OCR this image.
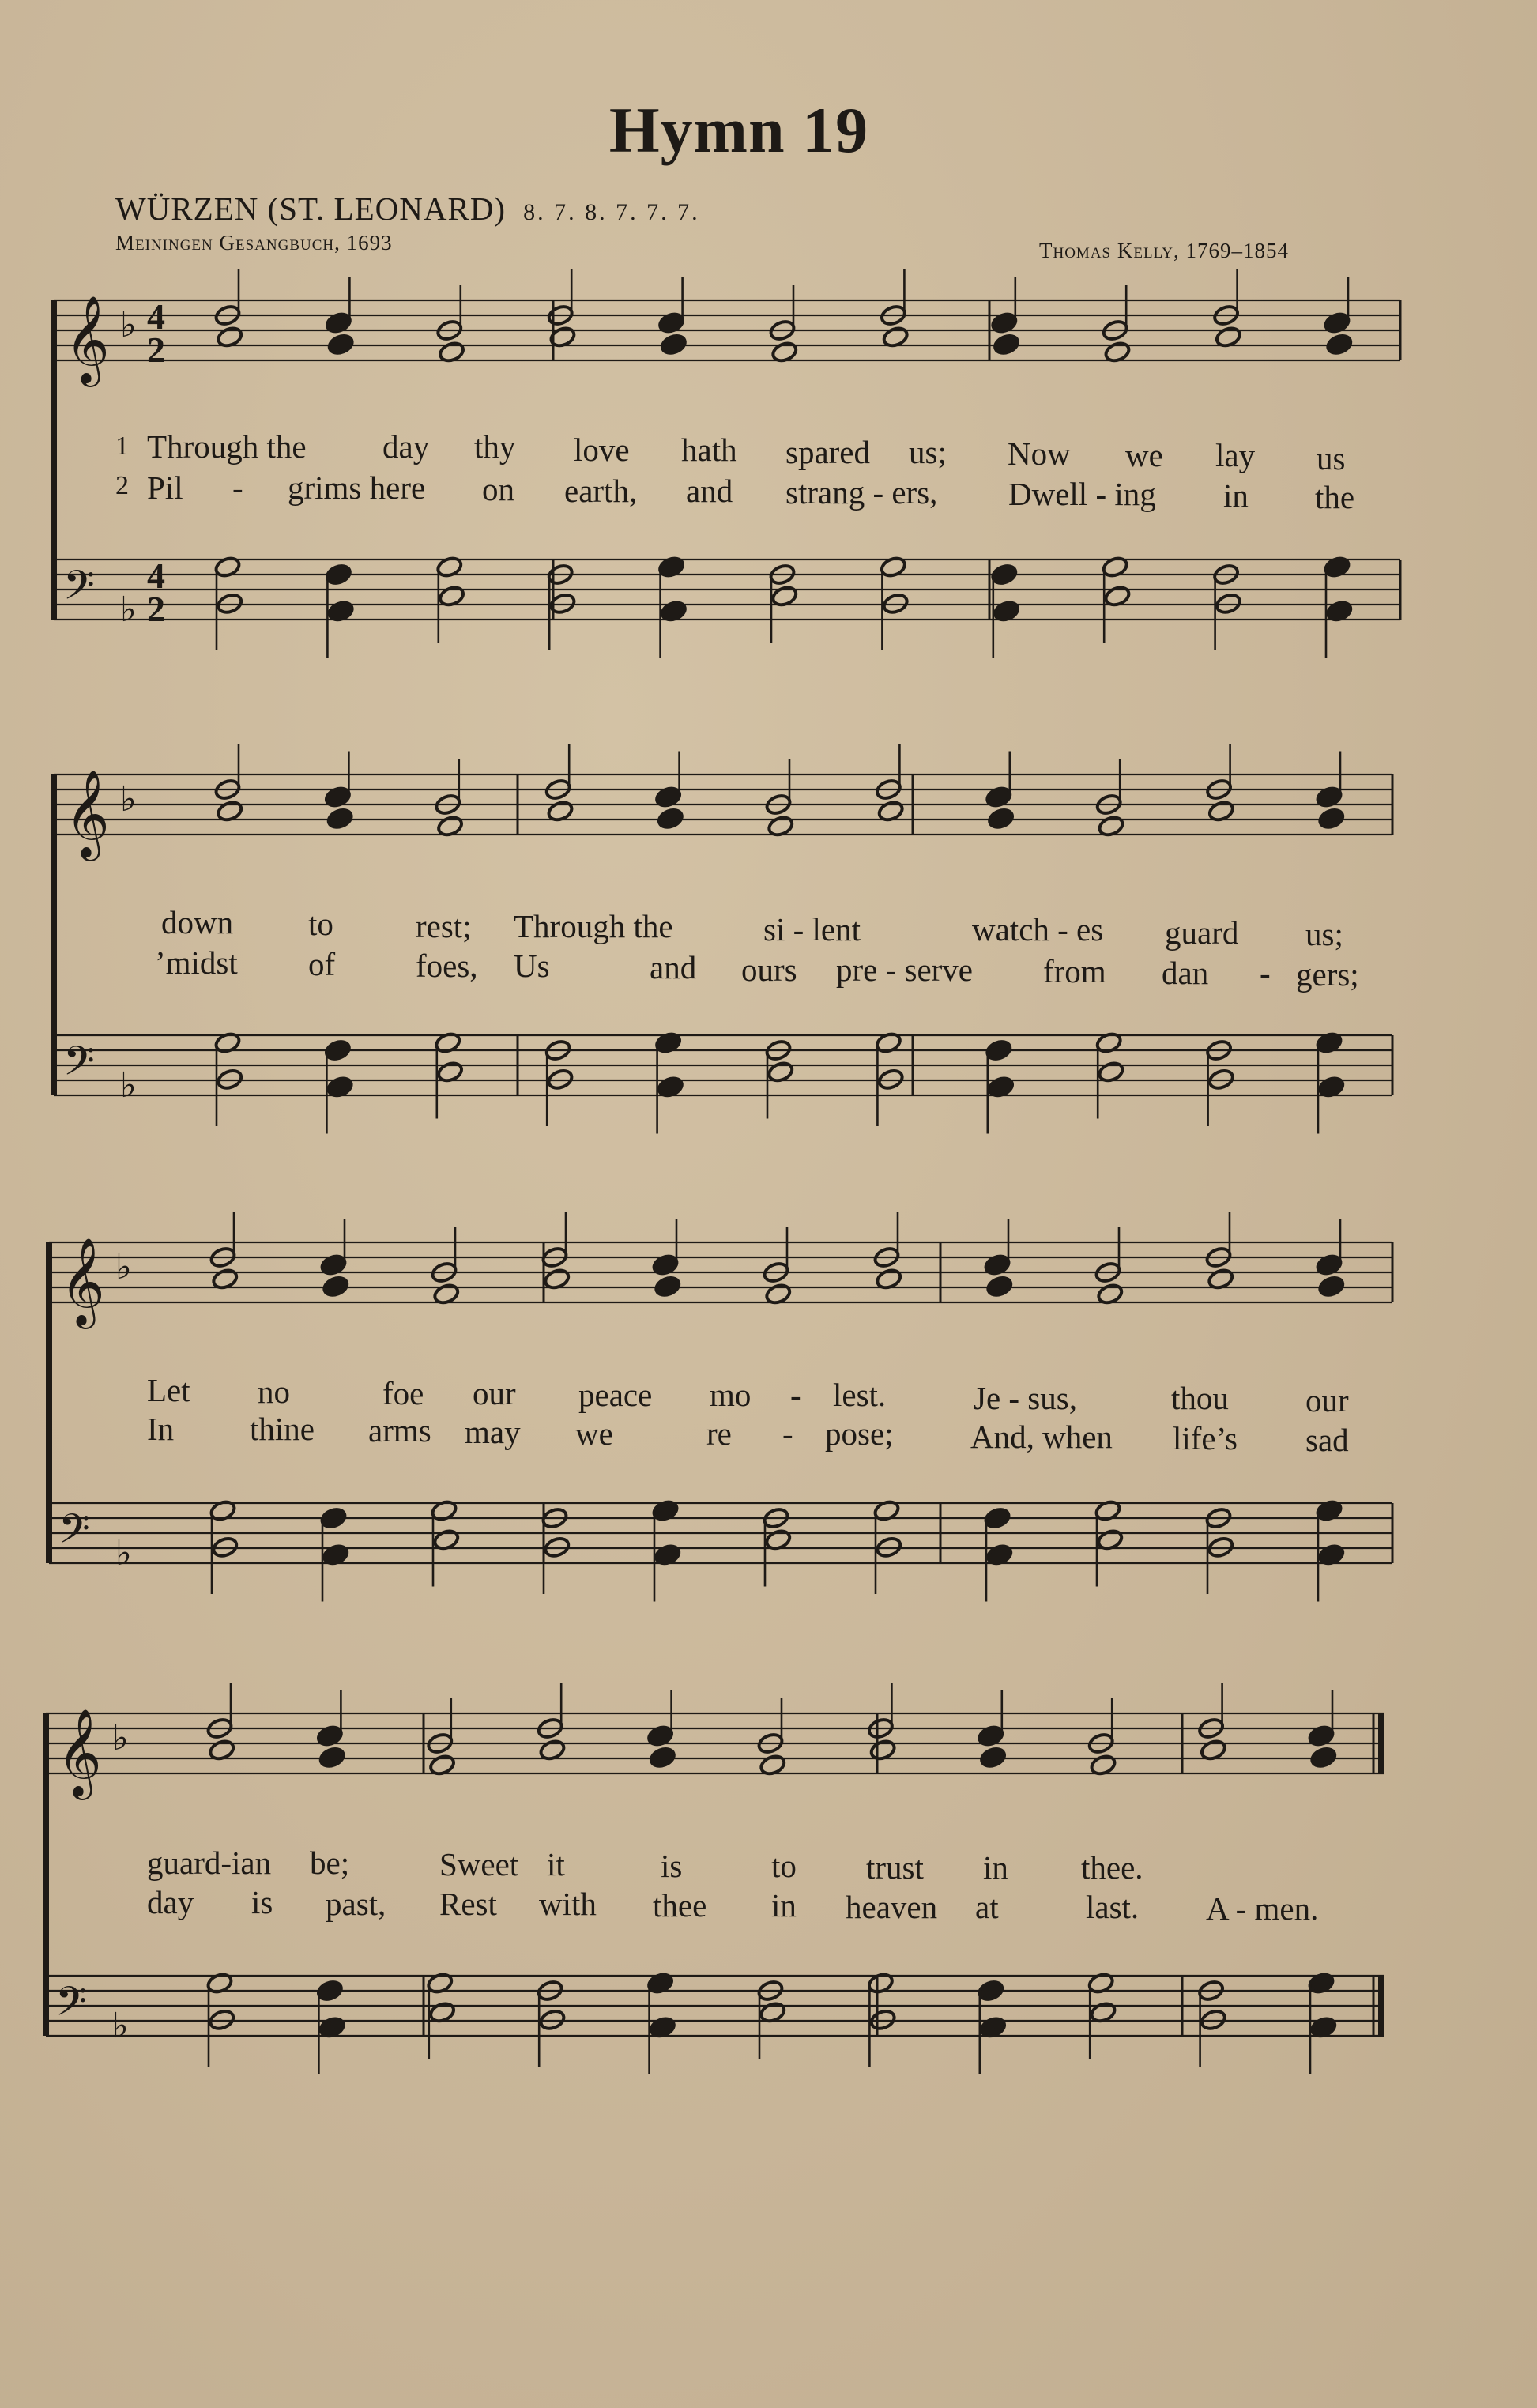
Hymn 19
WÜRZEN (ST. LEONARD) 8. 7. 8. 7. 7. 7.
Meiningen Gesangbuch, 1693	Thomas Kelly, 1769–1854
1
2
Through the day thy love hath spared us; Now we lay us
Pil - grims here on earth, and strang - ers, Dwell - ing in the
down to	rest; Through the	si - lent	watch - es guard us;
’midst of foes, Us	and ours pre - serve from dan - gers;
Let no	foe our peace mo - lest.	Je - sus,	thou our
In thine arms may we	re - pose; And, when life’s sad
guard-ian be;	Sweet it	is	to trust in thee.
day is past, Rest with thee in heaven at	last. A - men.
𝄞
𝄢
♭
♭
𝄞
𝄢
♭
♭
𝄞
𝄢
♭
♭
𝄞
𝄢
♭
♭
4
2
4
2
